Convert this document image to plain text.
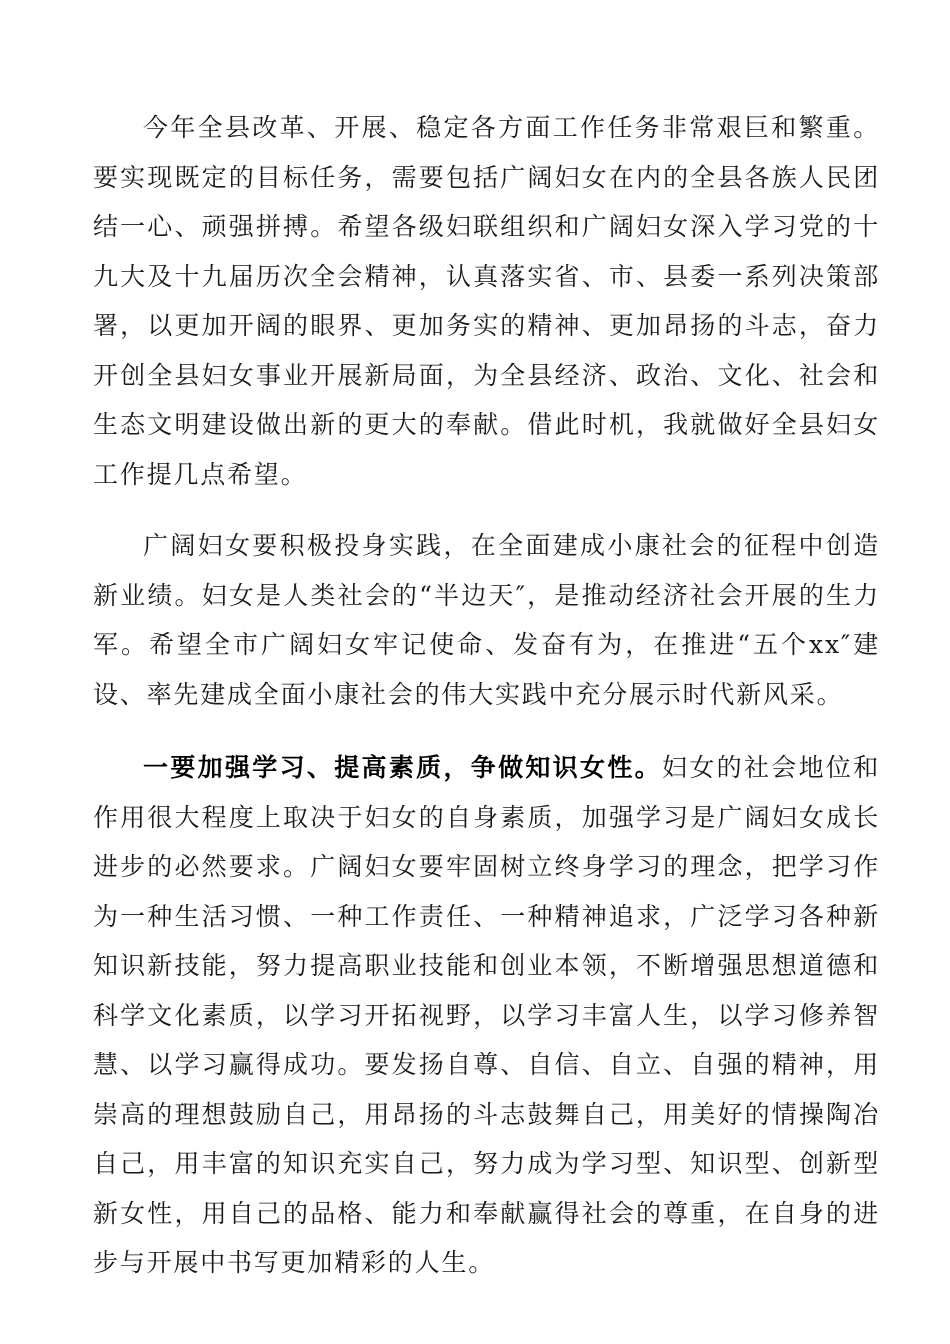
今年全县改革、开展、稳定各方面工作任务非常艰巨和繁重。要实现既定的目标任务，需要包括广阔妇女在内的全县各族人民团结一心、顽强拼搏。希望各级妇联组织和广阔妇女深入学习党的十九大及十九届历次全会精神，认真落实省、市、县委一系列决策部署，以更加开阔的眼界、更加务实的精神、更加昂扬的斗志，奋力开创全县妇女事业开展新局面，为全县经济、政治、文化、社会和生态文明建设做出新的更大的奉献。借此时机，我就做好全县妇女工作提几点希望。

广阔妇女要积极投身实践，在全面建成小康社会的征程中创造新业绩。妇女是人类社会的“半边天″，是推动经济社会开展的生力军。希望全市广阔妇女牢记使命、发奋有为，在推进“五个xx″建设、率先建成全面小康社会的伟大实践中充分展示时代新风采。

一要加强学习、提高素质，争做知识女性。妇女的社会地位和作用很大程度上取决于妇女的自身素质，加强学习是广阔妇女成长进步的必然要求。广阔妇女要牢固树立终身学习的理念，把学习作为一种生活习惯、一种工作责任、一种精神追求，广泛学习各种新知识新技能，努力提高职业技能和创业本领，不断增强思想道德和科学文化素质，以学习开拓视野，以学习丰富人生，以学习修养智慧、以学习赢得成功。要发扬自尊、自信、自立、自强的精神，用崇高的理想鼓励自己，用昂扬的斗志鼓舞自己，用美好的情操陶冶自己，用丰富的知识充实自己，努力成为学习型、知识型、创新型新女性，用自己的品格、能力和奉献赢得社会的尊重，在自身的进步与开展中书写更加精彩的人生。
